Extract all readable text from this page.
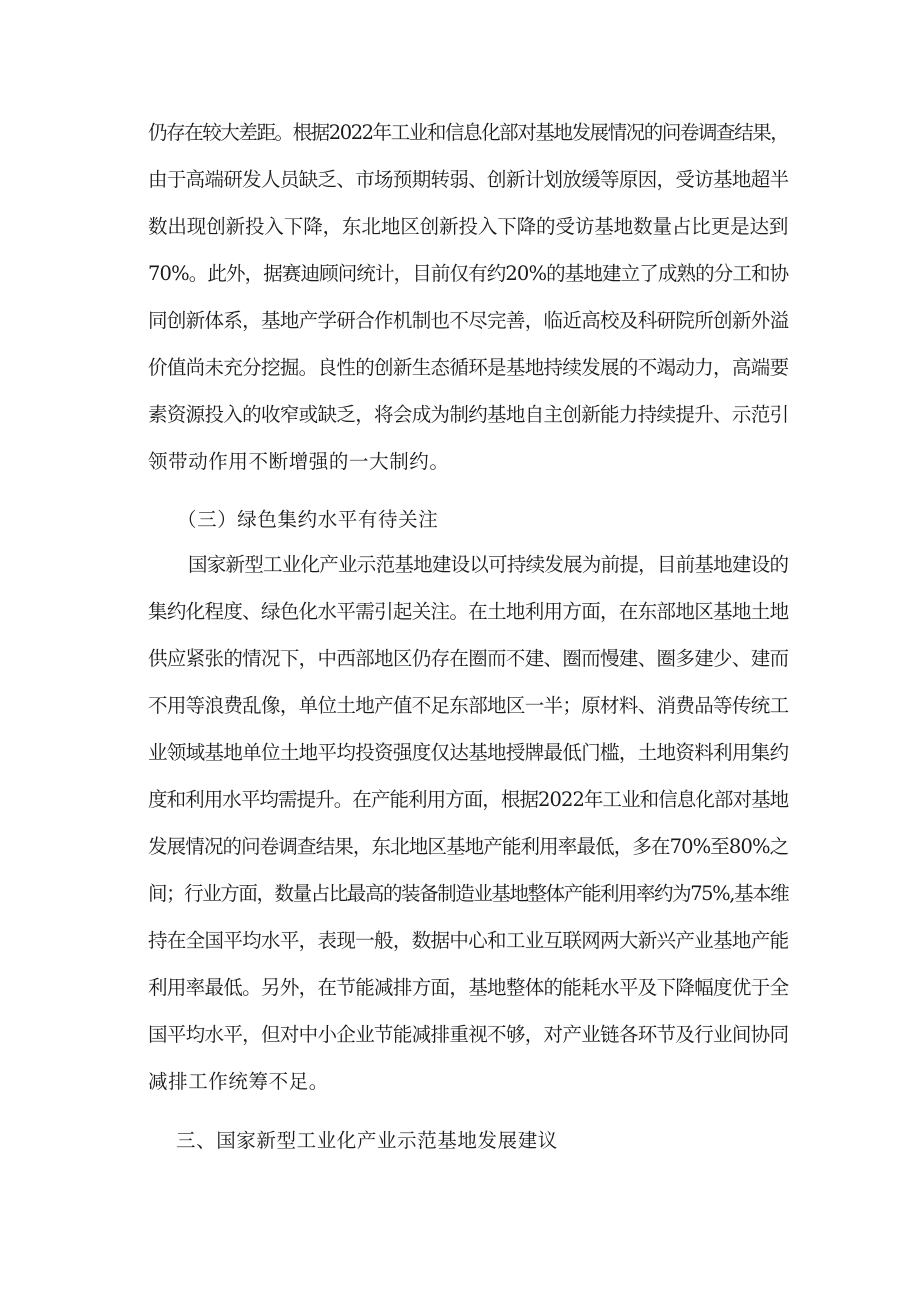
仍存在较大差距。根据2022年工业和信息化部对基地发展情况的问卷调查结果，
由于高端研发人员缺乏、市场预期转弱、创新计划放缓等原因，受访基地超半
数出现创新投入下降，东北地区创新投入下降的受访基地数量占比更是达到
70%。此外，据赛迪顾问统计，目前仅有约20%的基地建立了成熟的分工和协
同创新体系，基地产学研合作机制也不尽完善，临近高校及科研院所创新外溢
价值尚未充分挖掘。良性的创新生态循环是基地持续发展的不竭动力，高端要
素资源投入的收窄或缺乏，将会成为制约基地自主创新能力持续提升、示范引
领带动作用不断增强的一大制约。
（三）绿色集约水平有待关注
国家新型工业化产业示范基地建设以可持续发展为前提，目前基地建设的
集约化程度、绿色化水平需引起关注。在土地利用方面，在东部地区基地土地
供应紧张的情况下，中西部地区仍存在圈而不建、圈而慢建、圈多建少、建而
不用等浪费乱像，单位土地产值不足东部地区一半；原材料、消费品等传统工
业领域基地单位土地平均投资强度仅达基地授牌最低门槛，土地资料利用集约
度和利用水平均需提升。在产能利用方面，根据2022年工业和信息化部对基地
发展情况的问卷调查结果，东北地区基地产能利用率最低，多在70%至80%之
间；行业方面，数量占比最高的装备制造业基地整体产能利用率约为75%,基本维
持在全国平均水平，表现一般，数据中心和工业互联网两大新兴产业基地产能
利用率最低。另外，在节能减排方面，基地整体的能耗水平及下降幅度优于全
国平均水平，但对中小企业节能减排重视不够，对产业链各环节及行业间协同
减排工作统筹不足。
三、国家新型工业化产业示范基地发展建议
